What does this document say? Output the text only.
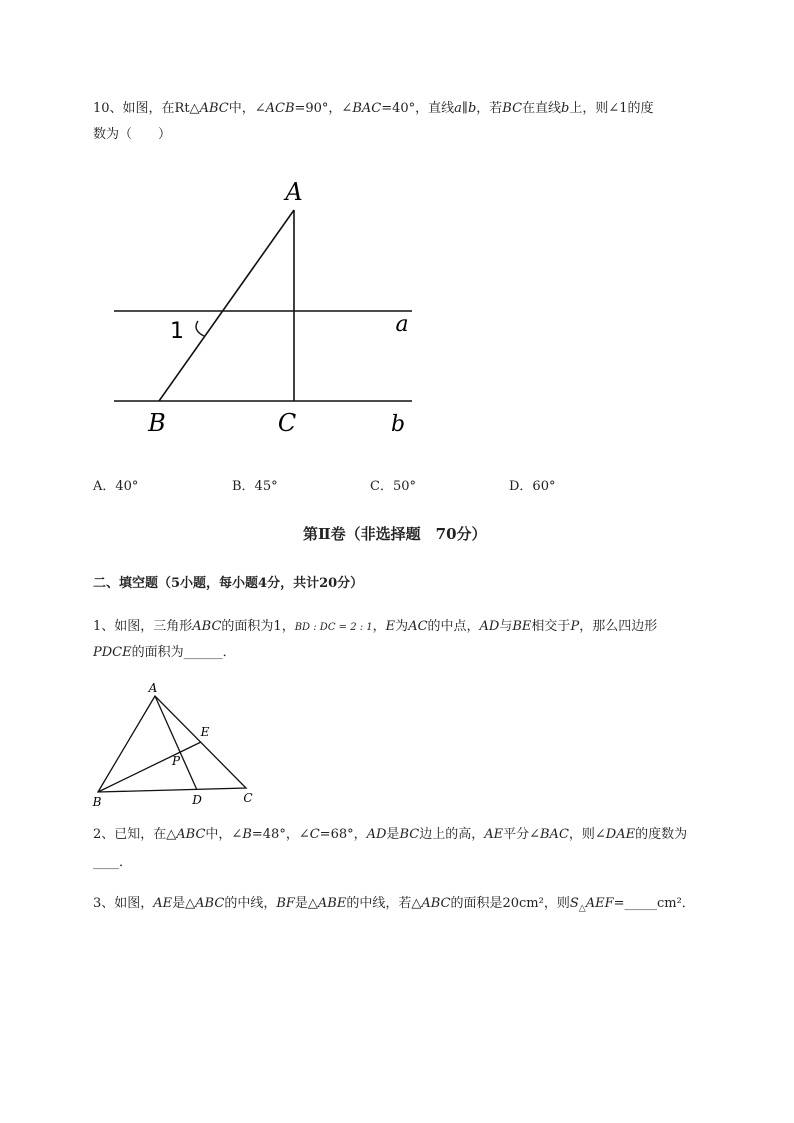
10、如图，在Rt△ABC中，∠ACB=90°，∠BAC=40°，直线a∥b，若BC在直线b上，则∠1的度
数为（　　）
A
B	C
a
b
1
A．40°	B．45°	C．50°	D．60°
第Ⅱ卷（非选择题　70分）
二、填空题（5小题，每小题4分，共计20分）
1、如图，三角形ABC的面积为1，BD : DC = 2 : 1，E为AC的中点，AD与BE相交于P，那么四边形
PDCE的面积为______．
A
B	C
D
E
P
2、已知，在△ABC中，∠B=48°，∠C=68°，AD是BC边上的高，AE平分∠BAC，则∠DAE的度数为
____．
3、如图，AE是△ABC的中线，BF是△ABE的中线，若△ABC的面积是20cm²，则$S_\triangle AEF=\_\_\_\_\_cm^2$．
